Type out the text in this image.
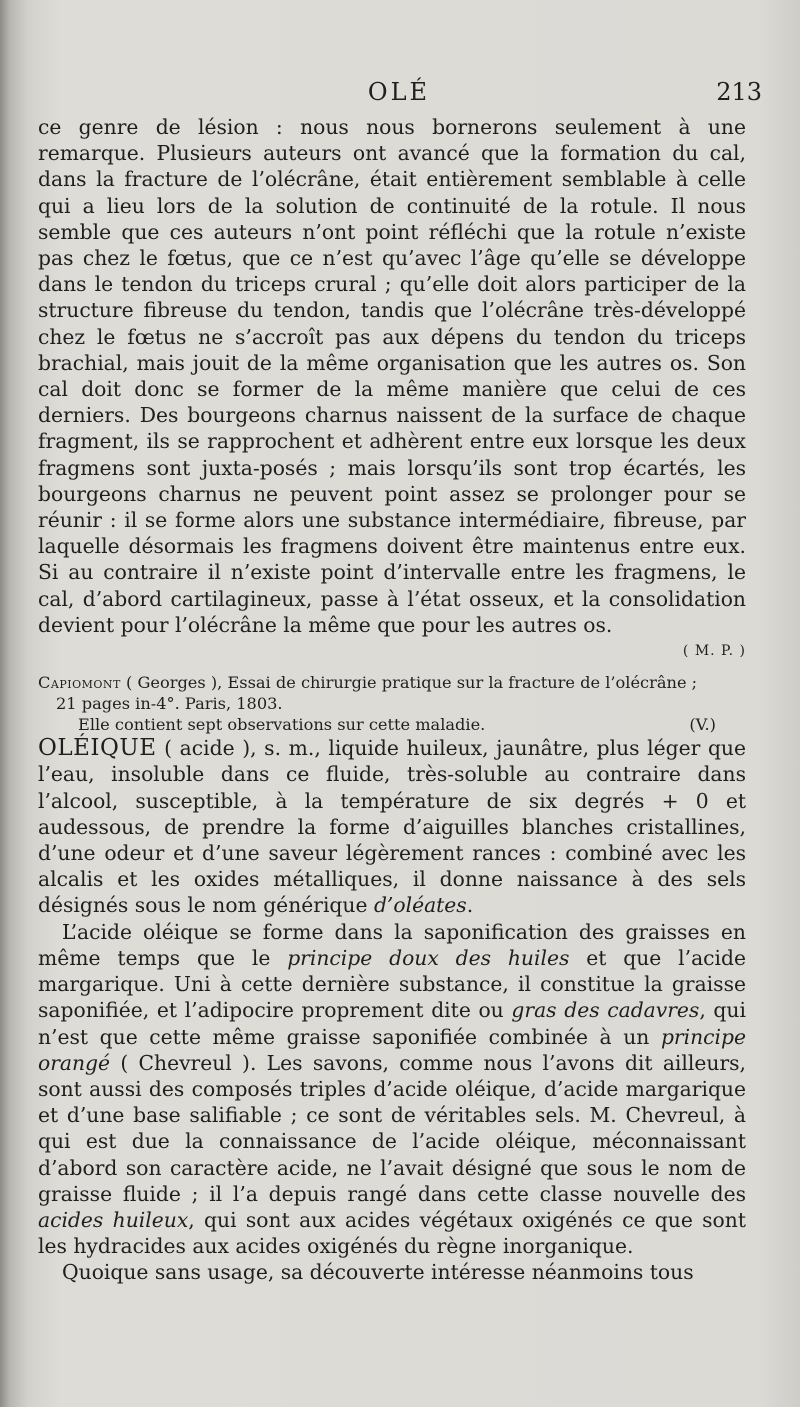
OLÉ	213

ce genre de lésion : nous nous bornerons seulement à une remarque. Plusieurs auteurs ont avancé que la formation du cal, dans la fracture de l’olécrâne, était entièrement semblable à celle qui a lieu lors de la solution de continuité de la rotule. Il nous semble que ces auteurs n’ont point réfléchi que la rotule n’existe pas chez le fœtus, que ce n’est qu’avec l’âge qu’elle se développe dans le tendon du triceps crural ; qu’elle doit alors participer de la structure fibreuse du tendon, tandis que l’olécrâne très-développé chez le fœtus ne s’accroît pas aux dépens du tendon du triceps brachial, mais jouit de la même organisation que les autres os. Son cal doit donc se former de la même manière que celui de ces derniers. Des bourgeons charnus naissent de la surface de chaque fragment, ils se rapprochent et adhèrent entre eux lorsque les deux fragmens sont juxta-posés ; mais lorsqu’ils sont trop écartés, les bourgeons charnus ne peuvent point assez se prolonger pour se réunir : il se forme alors une substance intermédiaire, fibreuse, par laquelle désormais les fragmens doivent être maintenus entre eux. Si au contraire il n’existe point d’intervalle entre les fragmens, le cal, d’abord cartilagineux, passe à l’état osseux, et la consolidation devient pour l’olécrâne la même que pour les autres os.

( M. P. )
Capiomont ( Georges ), Essai de chirurgie pratique sur la fracture de l’olécrâne ;
21 pages in-4°. Paris, 1803.
Elle contient sept observations sur cette maladie.	(V.)

OLÉIQUE ( acide ), s. m., liquide huileux, jaunâtre, plus léger que l’eau, insoluble dans ce fluide, très-soluble au contraire dans l’alcool, susceptible, à la température de six degrés + 0 et audessous, de prendre la forme d’aiguilles blanches cristallines, d’une odeur et d’une saveur légèrement rances : combiné avec les alcalis et les oxides métalliques, il donne naissance à des sels désignés sous le nom générique d’oléates.

L’acide oléique se forme dans la saponification des graisses en même temps que le principe doux des huiles et que l’acide margarique. Uni à cette dernière substance, il constitue la graisse saponifiée, et l’adipocire proprement dite ou gras des cadavres, qui n’est que cette même graisse saponifiée combinée à un principe orangé ( Chevreul ). Les savons, comme nous l’avons dit ailleurs, sont aussi des composés triples d’acide oléique, d’acide margarique et d’une base salifiable ; ce sont de véritables sels. M. Chevreul, à qui est due la connaissance de l’acide oléique, méconnaissant d’abord son caractère acide, ne l’avait désigné que sous le nom de graisse fluide ; il l’a depuis rangé dans cette classe nouvelle des acides huileux, qui sont aux acides végétaux oxigénés ce que sont les hydracides aux acides oxigénés du règne inorganique.

Quoique sans usage, sa découverte intéresse néanmoins tous
